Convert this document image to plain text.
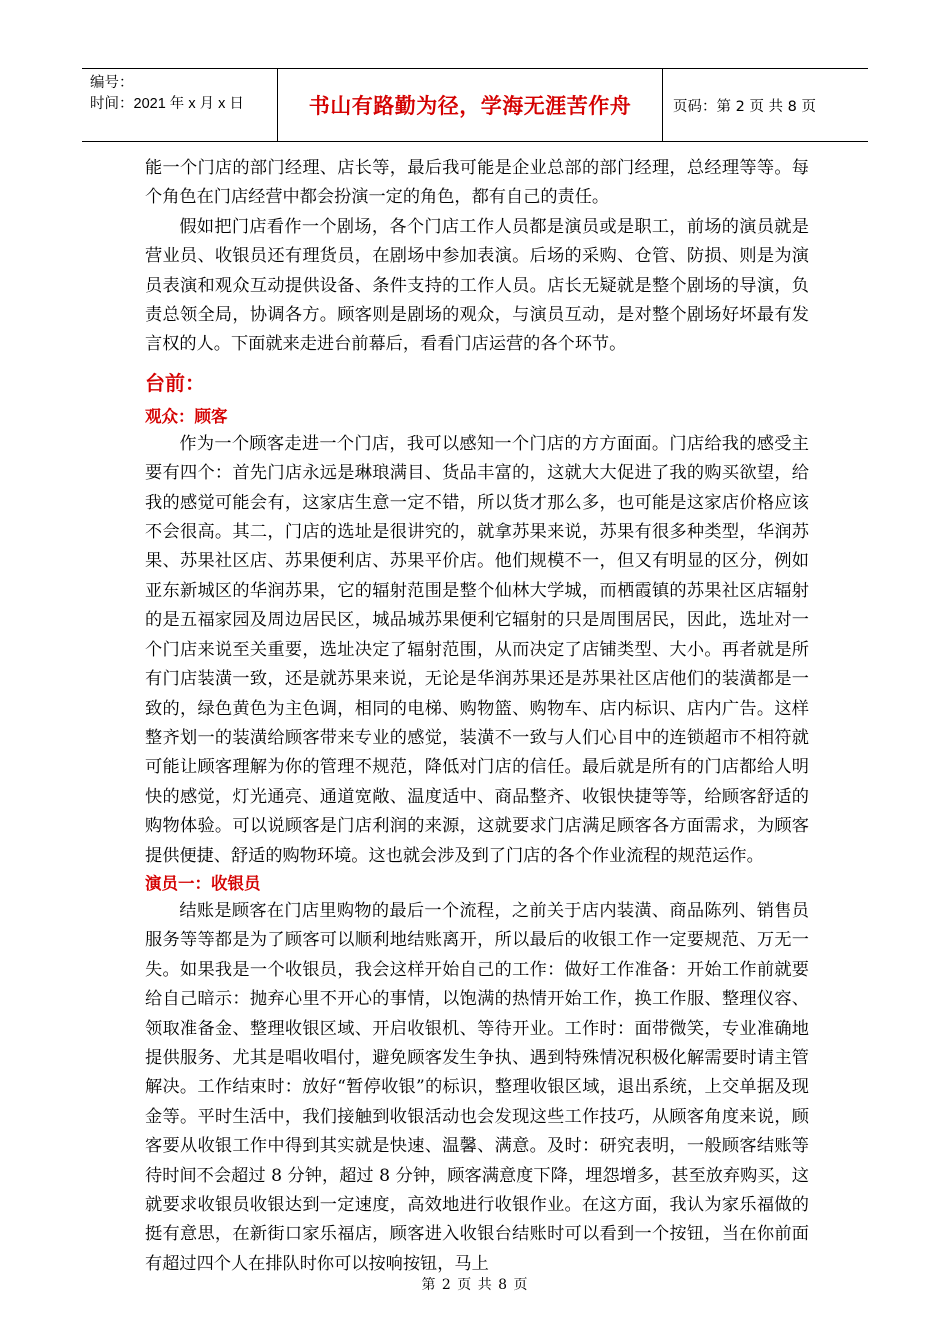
编号：
时间：2021 年 x 月 x 日	书山有路勤为径，学海无涯苦作舟	页码：第 2 页 共 8 页

能一个门店的部门经理、店长等，最后我可能是企业总部的部门经理，总经理等等。每个角色在门店经营中都会扮演一定的角色，都有自己的责任。

假如把门店看作一个剧场，各个门店工作人员都是演员或是职工，前场的演员就是营业员、收银员还有理货员，在剧场中参加表演。后场的采购、仓管、防损、则是为演员表演和观众互动提供设备、条件支持的工作人员。店长无疑就是整个剧场的导演，负责总领全局，协调各方。顾客则是剧场的观众，与演员互动，是对整个剧场好坏最有发言权的人。下面就来走进台前幕后，看看门店运营的各个环节。

台前：
观众：顾客

作为一个顾客走进一个门店，我可以感知一个门店的方方面面。门店给我的感受主要有四个：首先门店永远是琳琅满目、货品丰富的，这就大大促进了我的购买欲望，给我的感觉可能会有，这家店生意一定不错，所以货才那么多，也可能是这家店价格应该不会很高。其二，门店的选址是很讲究的，就拿苏果来说，苏果有很多种类型，华润苏果、苏果社区店、苏果便利店、苏果平价店。他们规模不一，但又有明显的区分，例如亚东新城区的华润苏果，它的辐射范围是整个仙林大学城，而栖霞镇的苏果社区店辐射的是五福家园及周边居民区，城品城苏果便利它辐射的只是周围居民，因此，选址对一个门店来说至关重要，选址决定了辐射范围，从而决定了店铺类型、大小。再者就是所有门店装潢一致，还是就苏果来说，无论是华润苏果还是苏果社区店他们的装潢都是一致的，绿色黄色为主色调，相同的电梯、购物篮、购物车、店内标识、店内广告。这样整齐划一的装潢给顾客带来专业的感觉，装潢不一致与人们心目中的连锁超市不相符就可能让顾客理解为你的管理不规范，降低对门店的信任。最后就是所有的门店都给人明快的感觉，灯光通亮、通道宽敞、温度适中、商品整齐、收银快捷等等，给顾客舒适的购物体验。可以说顾客是门店利润的来源，这就要求门店满足顾客各方面需求，为顾客提供便捷、舒适的购物环境。这也就会涉及到了门店的各个作业流程的规范运作。

演员一：收银员

结账是顾客在门店里购物的最后一个流程，之前关于店内装潢、商品陈列、销售员服务等等都是为了顾客可以顺利地结账离开，所以最后的收银工作一定要规范、万无一失。如果我是一个收银员，我会这样开始自己的工作：做好工作准备：开始工作前就要给自己暗示：抛弃心里不开心的事情，以饱满的热情开始工作，换工作服、整理仪容、领取准备金、整理收银区域、开启收银机、等待开业。工作时：面带微笑，专业准确地提供服务、尤其是唱收唱付，避免顾客发生争执、遇到特殊情况积极化解需要时请主管解决。工作结束时：放好“暂停收银”的标识，整理收银区域，退出系统，上交单据及现金等。平时生活中，我们接触到收银活动也会发现这些工作技巧，从顾客角度来说，顾客要从收银工作中得到其实就是快速、温馨、满意。及时：研究表明，一般顾客结账等待时间不会超过 8 分钟，超过 8 分钟，顾客满意度下降，埋怨增多，甚至放弃购买，这就要求收银员收银达到一定速度，高效地进行收银作业。在这方面，我认为家乐福做的挺有意思，在新街口家乐福店，顾客进入收银台结账时可以看到一个按钮，当在你前面有超过四个人在排队时你可以按响按钮，马上

第 2 页 共 8 页
